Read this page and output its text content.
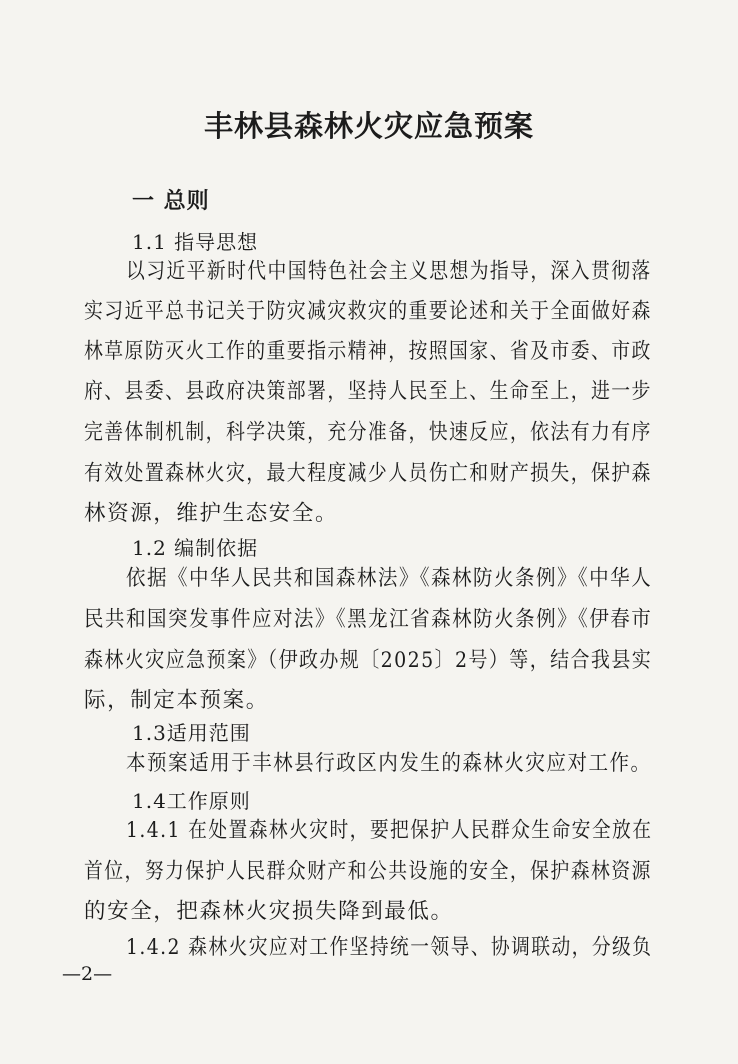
丰林县森林火灾应急预案
一 总则
1.1 指导思想
以习近平新时代中国特色社会主义思想为指导，深入贯彻落
实习近平总书记关于防灾减灾救灾的重要论述和关于全面做好森
林草原防灭火工作的重要指示精神，按照国家、省及市委、市政
府、县委、县政府决策部署，坚持人民至上、生命至上，进一步
完善体制机制，科学决策，充分准备，快速反应，依法有力有序
有效处置森林火灾，最大程度减少人员伤亡和财产损失，保护森
林资源，维护生态安全。
1.2 编制依据
依据《中华人民共和国森林法》《森林防火条例》《中华人
民共和国突发事件应对法》《黑龙江省森林防火条例》《伊春市
森林火灾应急预案》（伊政办规〔2025〕2号）等，结合我县实
际，制定本预案。
1.3适用范围
本预案适用于丰林县行政区内发生的森林火灾应对工作。
1.4工作原则
1.4.1 在处置森林火灾时，要把保护人民群众生命安全放在
首位，努力保护人民群众财产和公共设施的安全，保护森林资源
的安全，把森林火灾损失降到最低。
1.4.2 森林火灾应对工作坚持统一领导、协调联动，分级负
—2—
